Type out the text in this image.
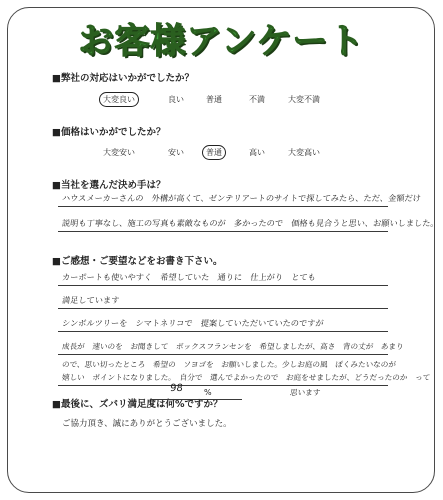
お客様アンケート
■弊社の対応はいかがでしたか？
大変良い	良い	普通	不満	大変不満
■価格はいかがでしたか？
大変安い	安い	普通	高い	大変高い
■当社を選んだ決め手は？
ハウスメーカーさんの　外構が高くて、ゼンテリアートのサイトで探してみたら、ただ、金額だけ
説明も丁寧なし、施工の写真も素敵なものが　多かったので　価格も見合うと思い、お願いしました。
■ご感想・ご要望などをお書き下さい。
カーポートも使いやすく　希望していた　通りに　仕上がり　とても
満足しています
シンボルツリーを　シマトネリコで　提案していただいていたのですが
成長が　速いのを　お聞きして　ボックスフランセンを　希望しましたが、高さ　背の丈が　あまり
ので、思い切ったところ　希望の　ソヨゴを　お願いしました。少しお庭の風　ぽくみたいなのが
嬉しい　ポイントになりました。　自分で　選んでよかったので　お庭をせましたが、どうだったのか　って
思います
■最後に、ズバリ満足度は何%ですか？
98	%
ご協力頂き、誠にありがとうございました。
